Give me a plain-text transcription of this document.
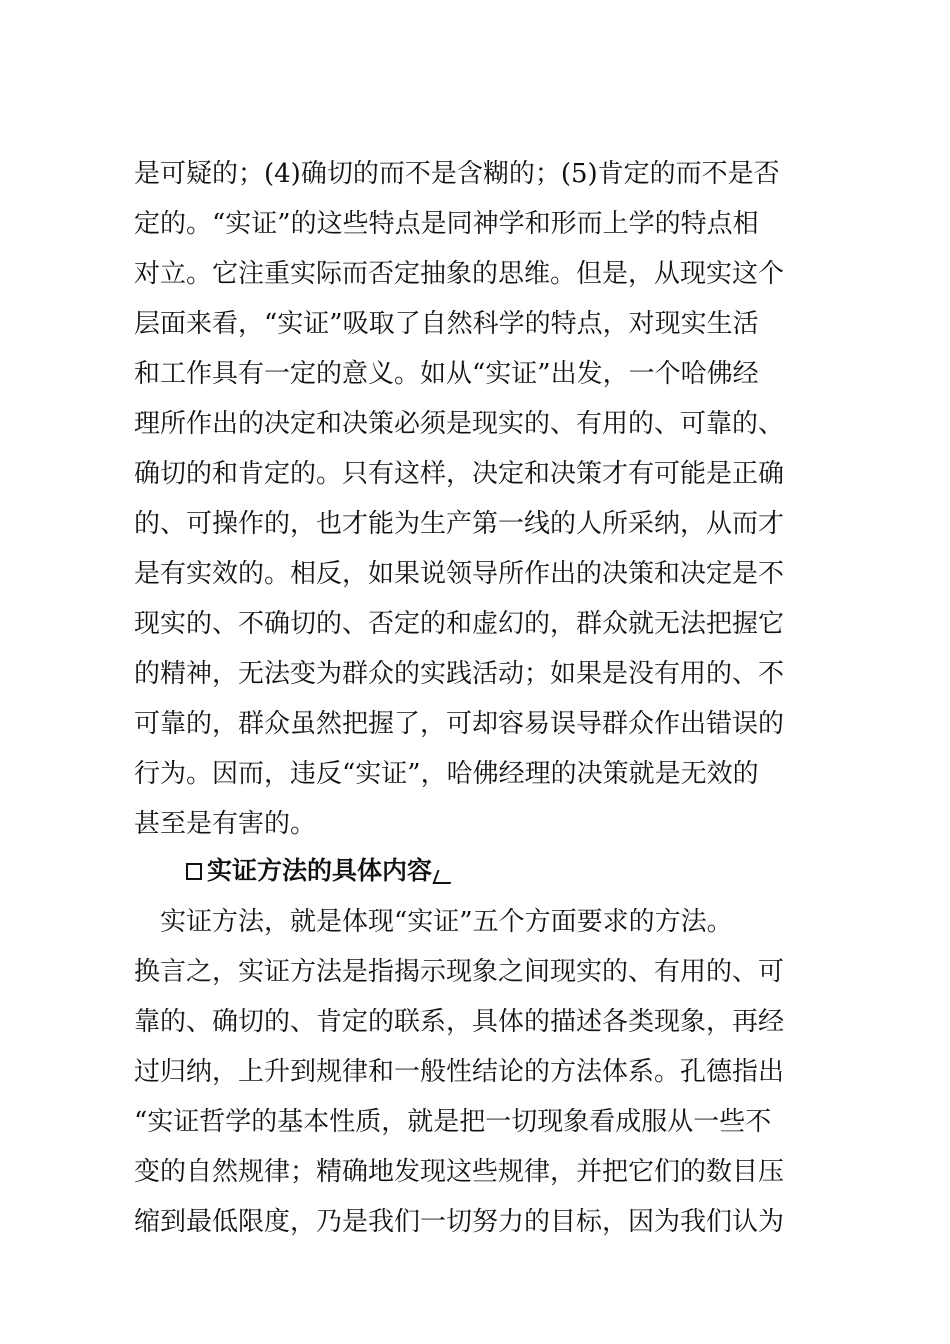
是可疑的；(4)确切的而不是含糊的；(5)肯定的而不是否
定的。“实证”的这些特点是同神学和形而上学的特点相
对立。它注重实际而否定抽象的思维。但是，从现实这个
层面来看，“实证”吸取了自然科学的特点，对现实生活
和工作具有一定的意义。如从“实证”出发，一个哈佛经
理所作出的决定和决策必须是现实的、有用的、可靠的、
确切的和肯定的。只有这样，决定和决策才有可能是正确
的、可操作的，也才能为生产第一线的人所采纳，从而才
是有实效的。相反，如果说领导所作出的决策和决定是不
现实的、不确切的、否定的和虚幻的，群众就无法把握它
的精神，无法变为群众的实践活动；如果是没有用的、不
可靠的，群众虽然把握了，可却容易误导群众作出错误的
行为。因而，违反“实证”，哈佛经理的决策就是无效的
甚至是有害的。
实证方法的具体内容
　实证方法，就是体现“实证”五个方面要求的方法。
换言之，实证方法是指揭示现象之间现实的、有用的、可
靠的、确切的、肯定的联系，具体的描述各类现象，再经
过归纳，上升到规律和一般性结论的方法体系。孔德指出
“实证哲学的基本性质，就是把一切现象看成服从一些不
变的自然规律；精确地发现这些规律，并把它们的数目压
缩到最低限度，乃是我们一切努力的目标，因为我们认为
